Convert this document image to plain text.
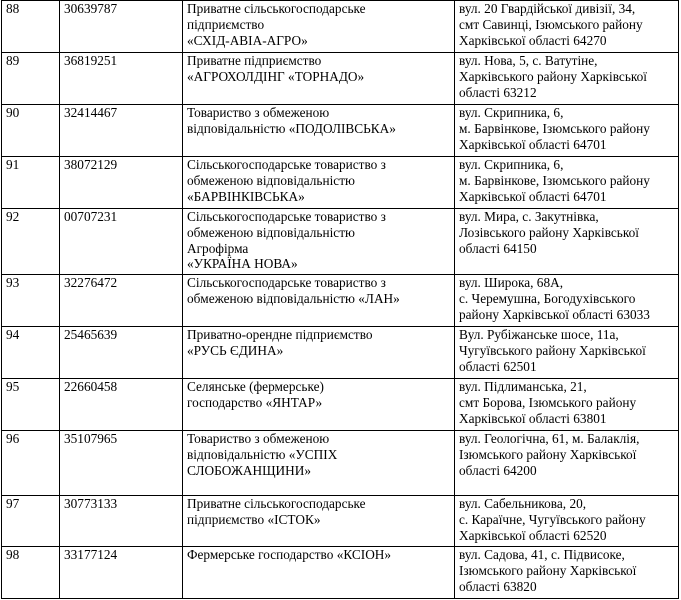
88	30639787	Приватне сільськогосподарське
підприємство
«СХІД-АВІА-АГРО»	вул. 20 Гвардійської дивізії, 34,
смт Савинці, Ізюмського району
Харківської області 64270
89	36819251	Приватне підприємство
«АГРОХОЛДІНГ «ТОРНАДО»	вул. Нова, 5, с. Ватутіне,
Харківського району Харківської
області 63212
90	32414467	Товариство з обмеженою
відповідальністю «ПОДОЛІВСЬКА»	вул. Скрипника, 6,
м. Барвінкове, Ізюмського району
Харківської області 64701
91	38072129	Сільськогосподарське товариство з
обмеженою відповідальністю
«БАРВІНКІВСЬКА»	вул. Скрипника, 6,
м. Барвінкове, Ізюмського району
Харківської області 64701
92	00707231	Сільськогосподарське товариство з
обмеженою відповідальністю
Агрофірма
«УКРАЇНА НОВА»	вул. Мира, с. Закутнівка,
Лозівського району Харківської
області 64150
93	32276472	Сільськогосподарське товариство з
обмеженою відповідальністю «ЛАН»	вул. Широка, 68А,
с. Черемушна, Богодухівського
району Харківської області 63033
94	25465639	Приватно-орендне підприємство
«РУСЬ ЄДИНА»	Вул. Рубіжанське шосе, 11а,
Чугуївського району Харківської
області 62501
95	22660458	Селянське (фермерське)
господарство «ЯНТАР»	вул. Підлиманська, 21,
смт Борова, Ізюмського району
Харківської області 63801
96	35107965	Товариство з обмеженою
відповідальністю «УСПІХ
СЛОБОЖАНЩИНИ»	вул. Геологічна, 61, м. Балаклія,
Ізюмського району Харківської
області 64200
97	30773133	Приватне сільськогосподарське
підприємство «ІСТОК»	вул. Сабельникова, 20,
с. Караїчне, Чугуївського району
Харківської області 62520
98	33177124	Фермерське господарство «КСІОН»	вул. Садова, 41, с. Підвисоке,
Ізюмського району Харківської
області 63820
